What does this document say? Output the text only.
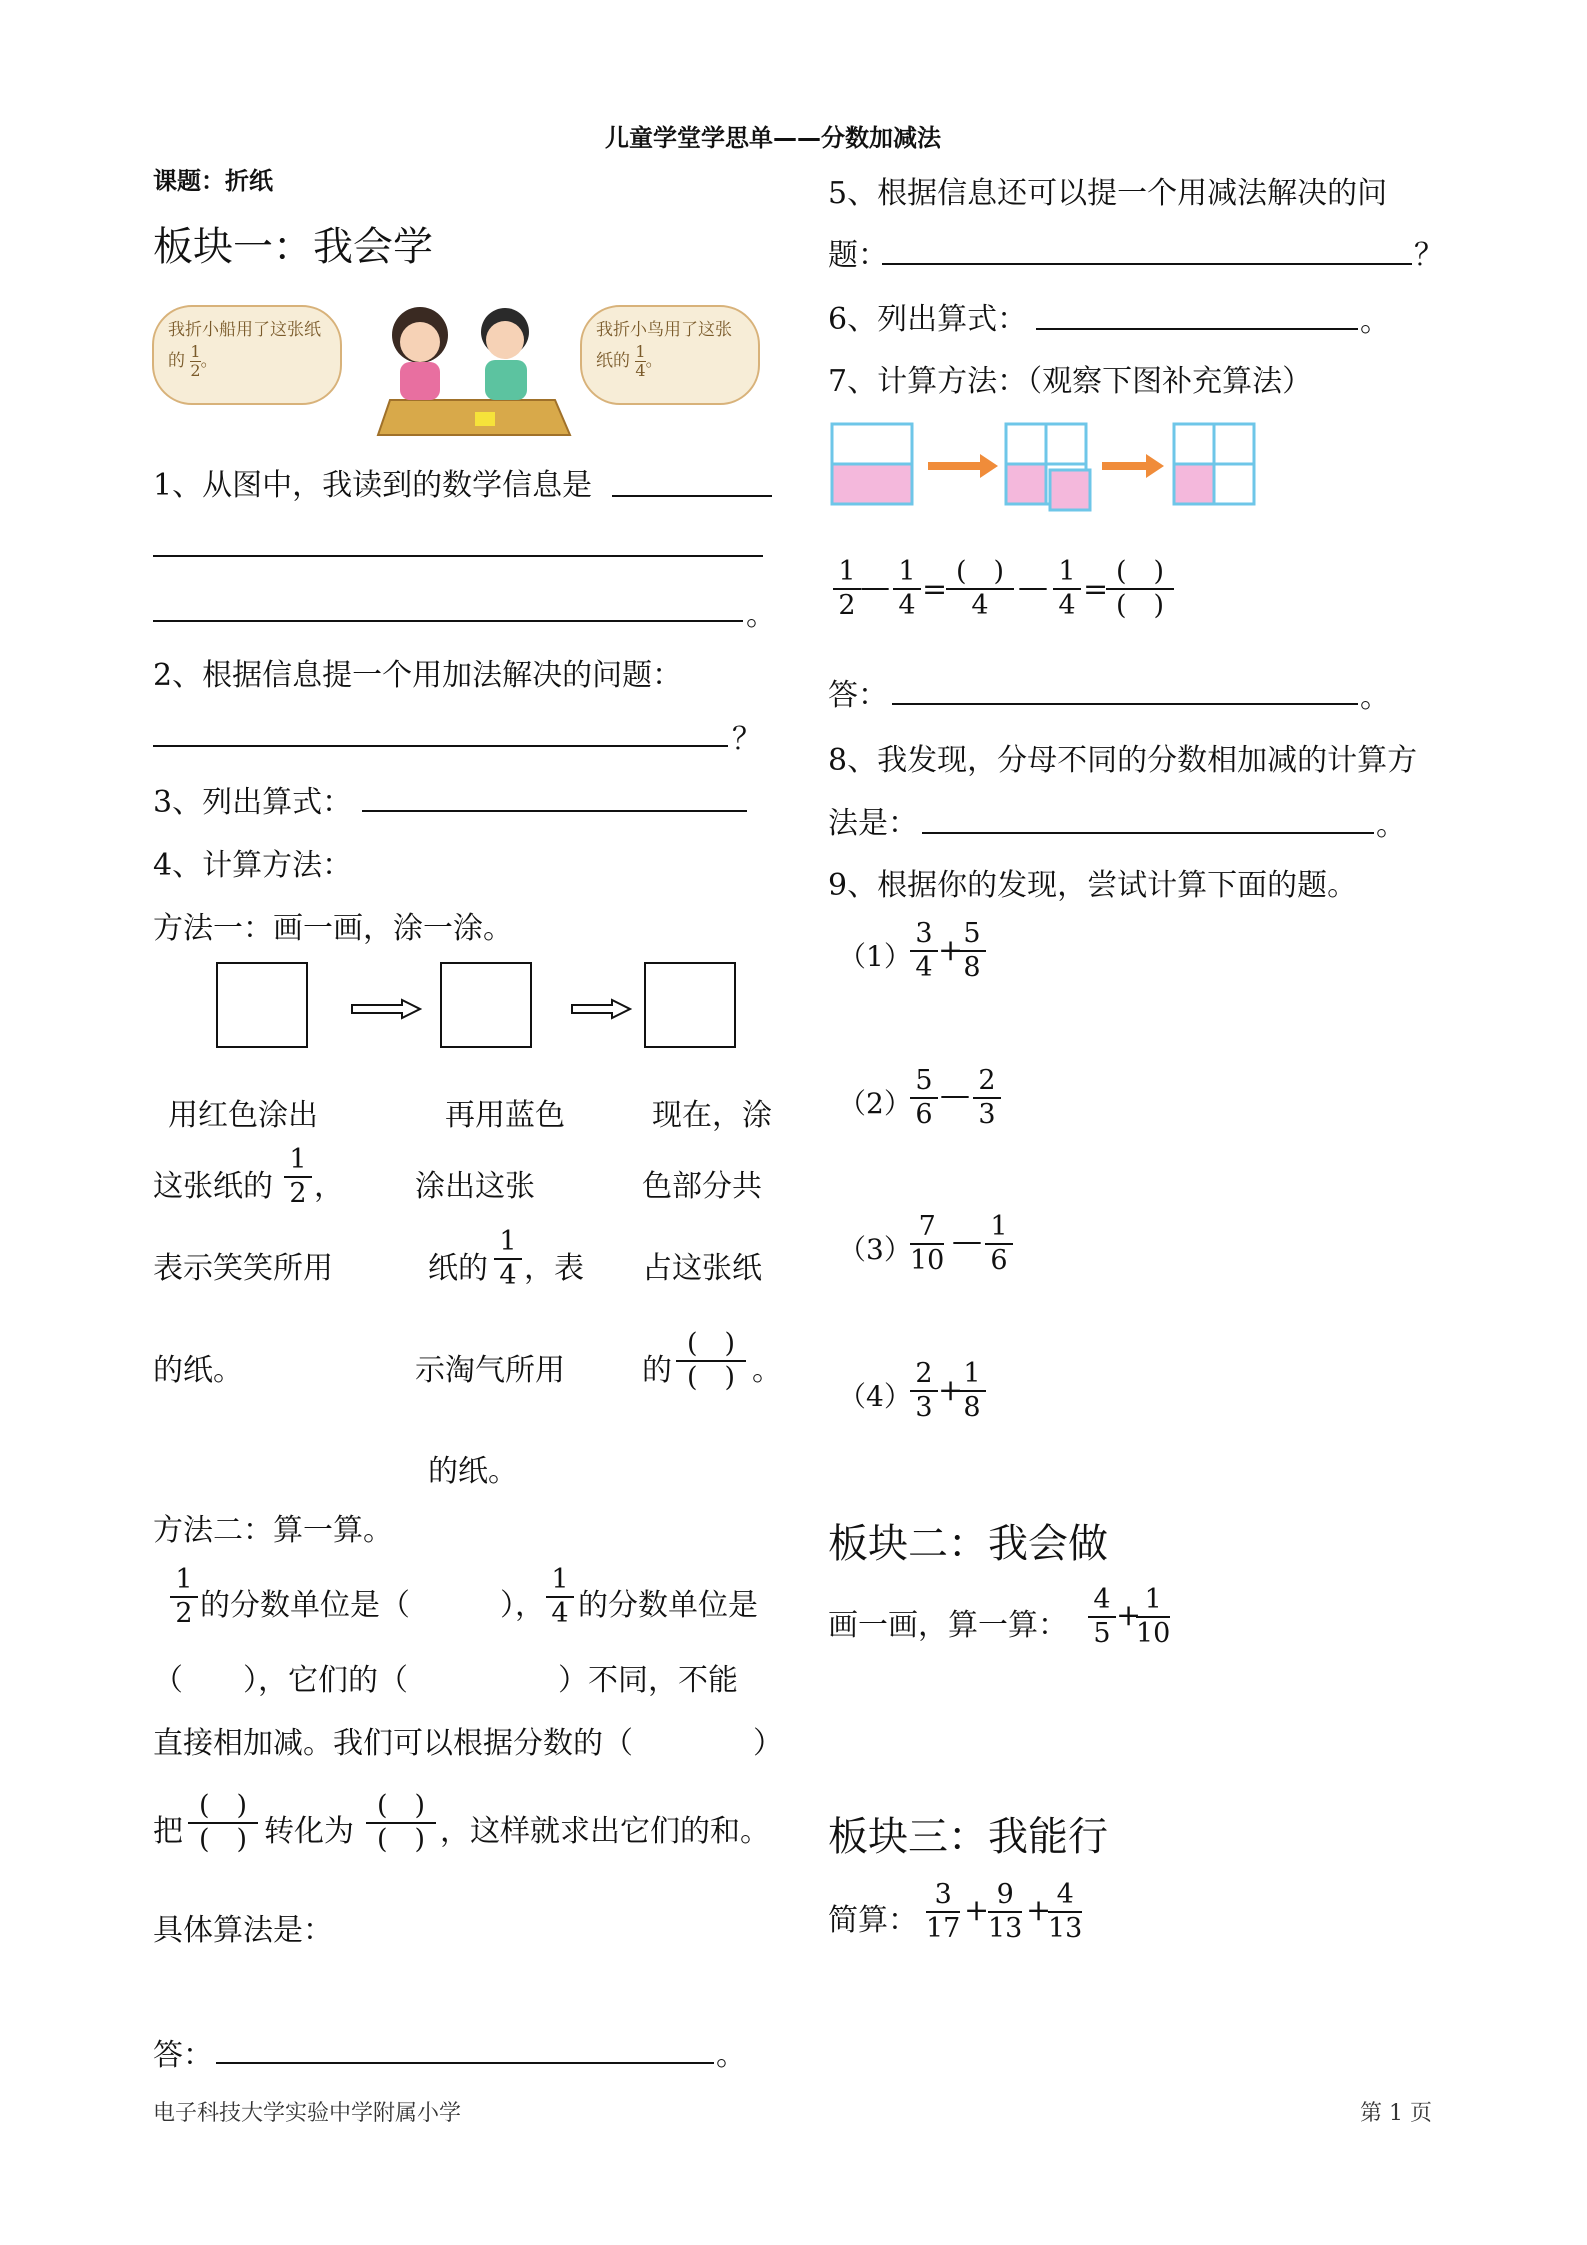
儿童学堂学思单——分数加减法
课题：折纸
板块一：我会学
我折小船用了这张纸的 $\frac{1}{2}$ 。
我折小鸟用了这张纸的 $\frac{1}{4}$ 。
1、从图中，我读到的数学信息是
。
2、根据信息提一个用加法解决的问题：
？
3、列出算式：
4、计算方法：
方法一：画一画，涂一涂。
用红色涂出
这张纸的
1
2 ，
表示笑笑所用
的纸。
再用蓝色
涂出这张
纸的
1
4 ，表
示淘气所用
的纸。
现在，涂
色部分共
占这张纸
的
(　)
(　) 。
方法二：算一算。
1
2 的分数单位是（　　　），
1
4 的分数单位是
（　　），它们的（　　　　　）不同，不能
直接相加减。我们可以根据分数的（　　　　）
把
(　)
(　) 转化为
(　)
(　) ，这样就求出它们的和。
具体算法是：
答：	。
5、根据信息还可以提一个用减法解决的问
题：	？
6、列出算式：	。
7、计算方法：（观察下图补充算法）
1
2
— 1
4 =
(　)
4
— 1
4 =
(　)
(　)
答：	。
8、我发现，分母不同的分数相加减的计算方
法是：	。
9、根据你的发现，尝试计算下面的题。
（1）
3
4 + 5
8
（2）
5
6
— 2
3
（3）
7
10
— 1
6
（4）
2
3 + 1
8
板块二：我会做
画一画，算一算：
4
5
+ 1
10
板块三：我能行
简算：
3
17
+ 9
13
+ 4
13
电子科技大学实验中学附属小学	第 1 页
